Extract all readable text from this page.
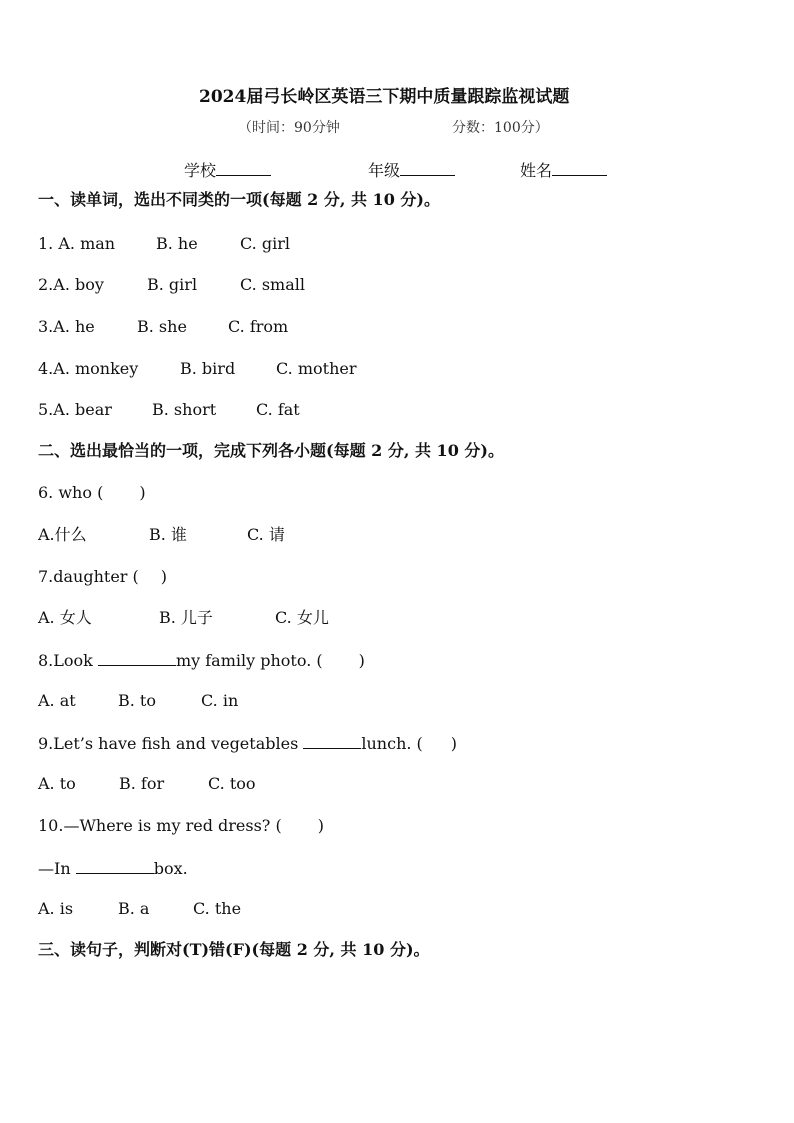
2024届弓长岭区英语三下期中质量跟踪监视试题
（时间：90分钟	分数：100分）
学校	年级	姓名
一、读单词，选出不同类的一项(每题 2 分, 共 10 分)。
1. A. man	B. he	C. girl
2.A. boy	B. girl	C. small
3.A. he	B. she	C. from
4.A. monkey	B. bird	C. mother
5.A. bear	B. short C. fat
二、选出最恰当的一项，完成下列各小题(每题 2 分, 共 10 分)。
6. who ( )
A.什么	B. 谁	C. 请
7.daughter ( )
A. 女人	B. 儿子	C. 女儿
8.Look	my family photo. ( )
A. at	B. to	C. in
9.Let’s have fish and vegetables	lunch. ( )
A. to	B. for	C. too
10.—Where is my red dress? ( )
—In	box.
A. is	B. a	C. the
三、读句子，判断对(T)错(F)(每题 2 分, 共 10 分)。
